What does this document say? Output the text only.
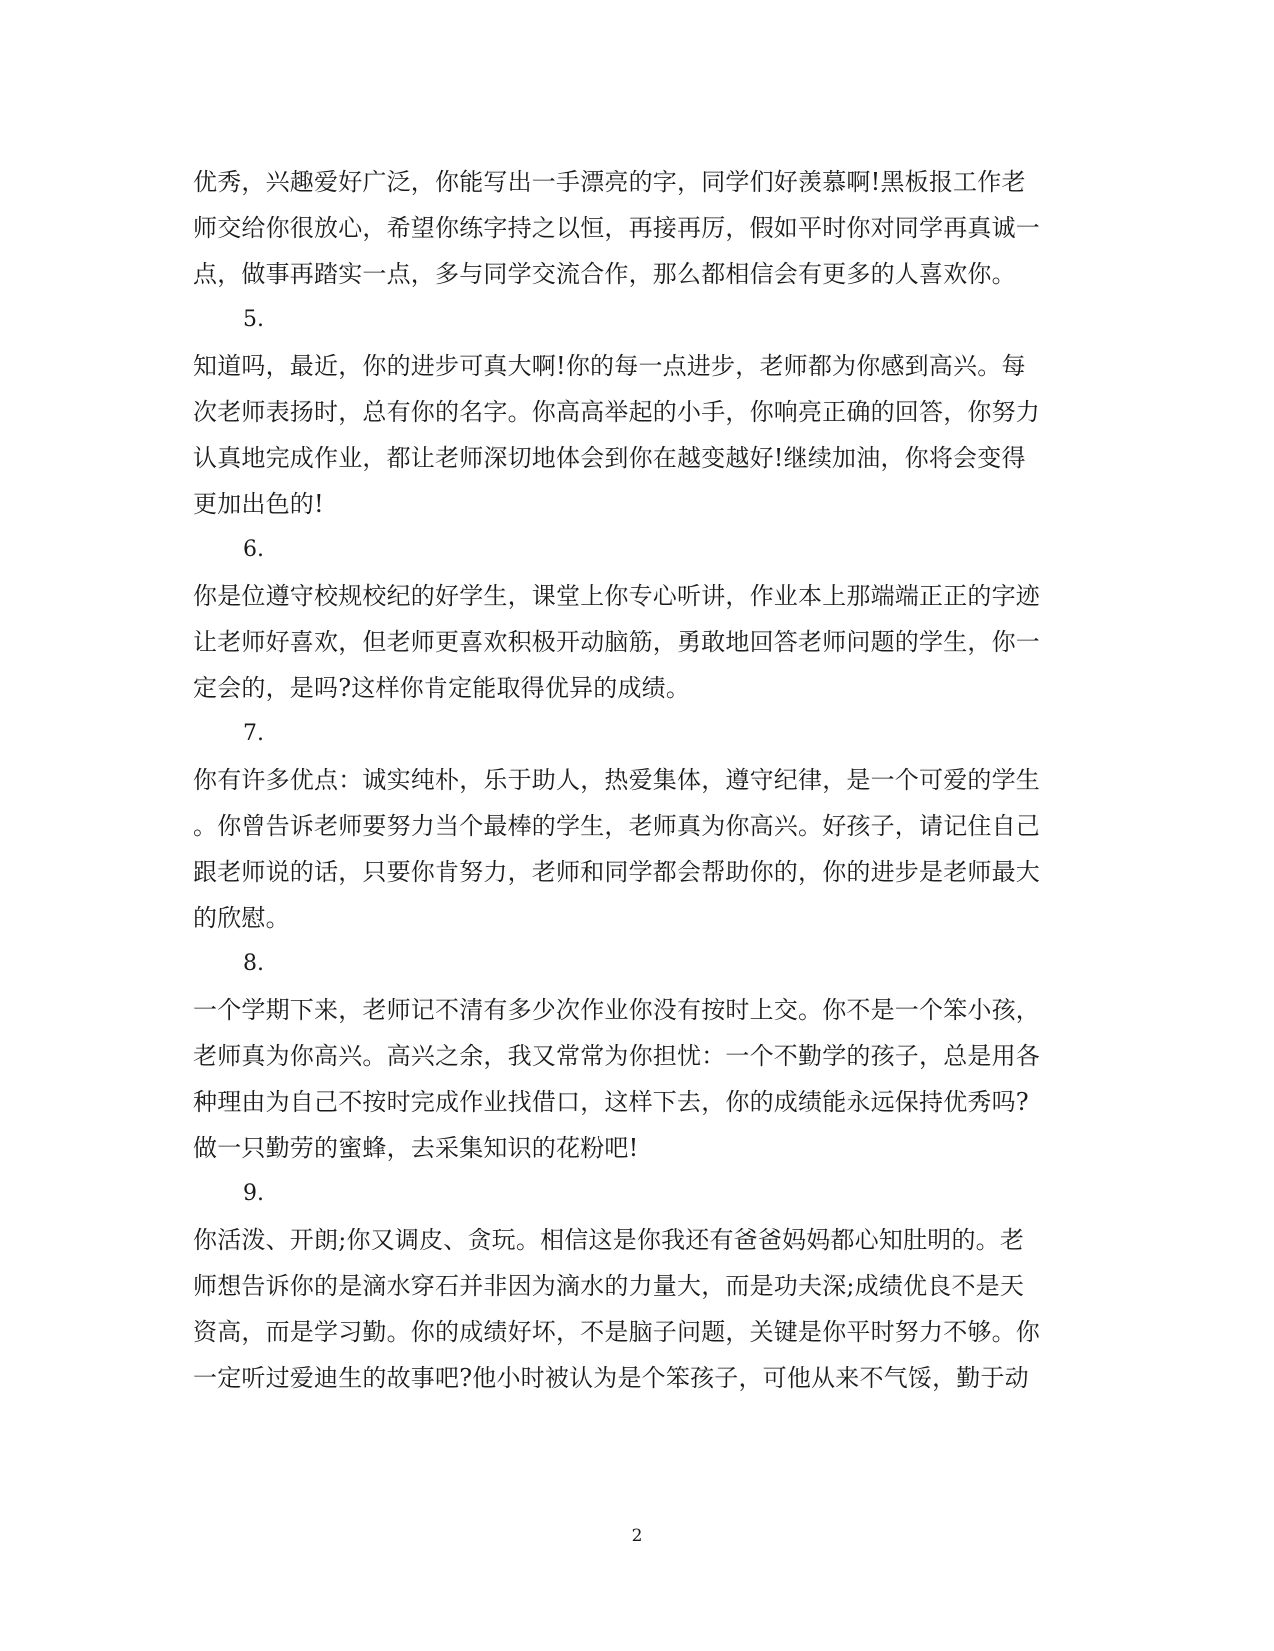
优秀，兴趣爱好广泛，你能写出一手漂亮的字，同学们好羡慕啊!黑板报工作老
师交给你很放心，希望你练字持之以恒，再接再厉，假如平时你对同学再真诚一
点，做事再踏实一点，多与同学交流合作，那么都相信会有更多的人喜欢你。
5.
知道吗，最近，你的进步可真大啊!你的每一点进步，老师都为你感到高兴。每
次老师表扬时，总有你的名字。你高高举起的小手，你响亮正确的回答，你努力
认真地完成作业，都让老师深切地体会到你在越变越好!继续加油，你将会变得
更加出色的!
6.
你是位遵守校规校纪的好学生，课堂上你专心听讲，作业本上那端端正正的字迹
让老师好喜欢，但老师更喜欢积极开动脑筋，勇敢地回答老师问题的学生，你一
定会的，是吗?这样你肯定能取得优异的成绩。
7.
你有许多优点：诚实纯朴，乐于助人，热爱集体，遵守纪律，是一个可爱的学生
。你曾告诉老师要努力当个最棒的学生，老师真为你高兴。好孩子，请记住自己
跟老师说的话，只要你肯努力，老师和同学都会帮助你的，你的进步是老师最大
的欣慰。
8.
一个学期下来，老师记不清有多少次作业你没有按时上交。你不是一个笨小孩，
老师真为你高兴。高兴之余，我又常常为你担忧：一个不勤学的孩子，总是用各
种理由为自己不按时完成作业找借口，这样下去，你的成绩能永远保持优秀吗?
做一只勤劳的蜜蜂，去采集知识的花粉吧!
9.
你活泼、开朗;你又调皮、贪玩。相信这是你我还有爸爸妈妈都心知肚明的。老
师想告诉你的是滴水穿石并非因为滴水的力量大，而是功夫深;成绩优良不是天
资高，而是学习勤。你的成绩好坏，不是脑子问题，关键是你平时努力不够。你
一定听过爱迪生的故事吧?他小时被认为是个笨孩子，可他从来不气馁，勤于动
2
